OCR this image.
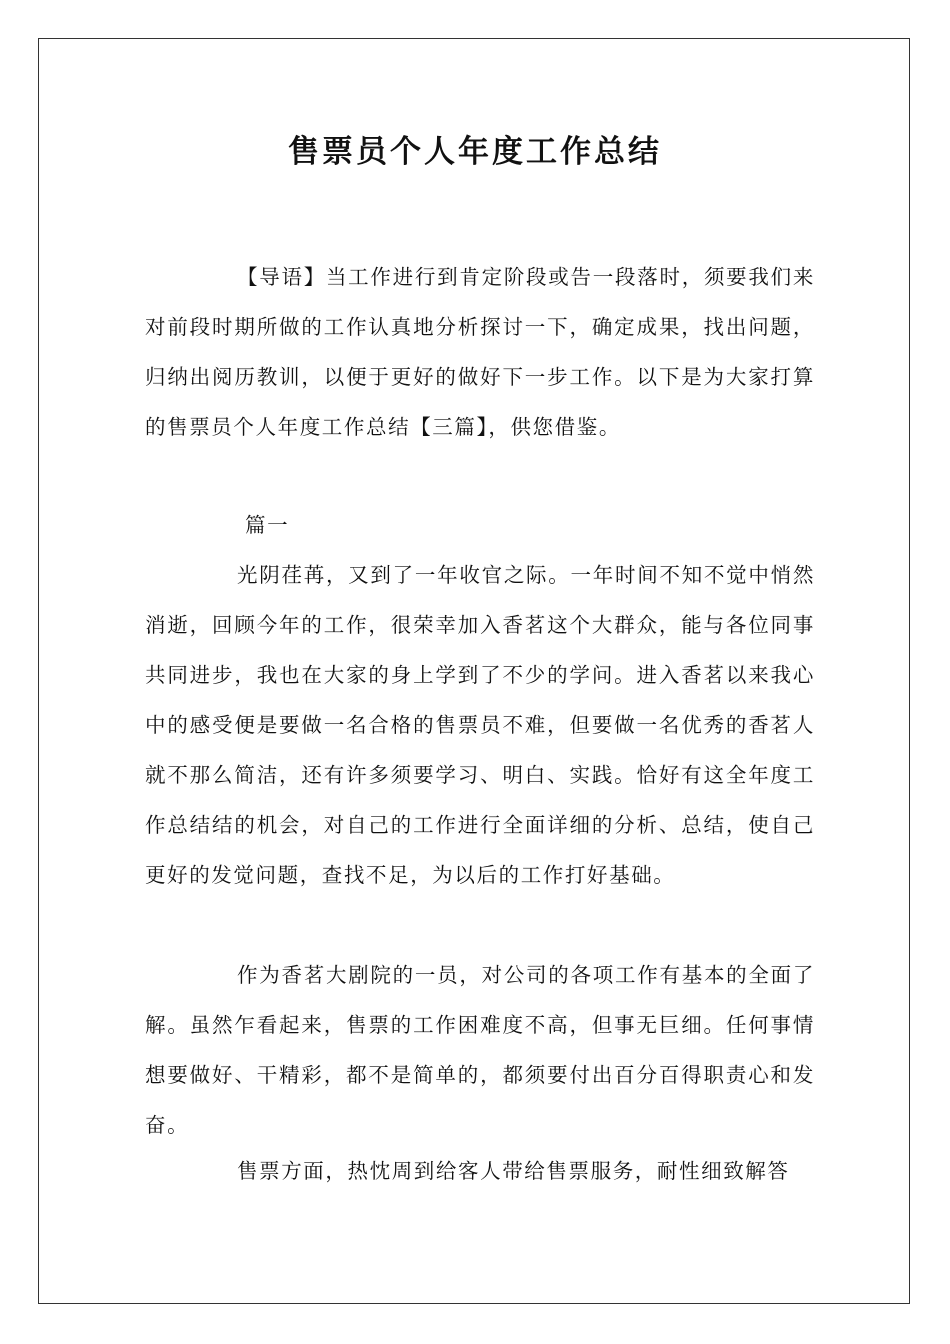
售票员个人年度工作总结

【导语】当工作进行到肯定阶段或告一段落时，须要我们来对前段时期所做的工作认真地分析探讨一下，确定成果，找出问题，归纳出阅历教训，以便于更好的做好下一步工作。以下是为大家打算的售票员个人年度工作总结【三篇】，供您借鉴。

篇一

光阴荏苒，又到了一年收官之际。一年时间不知不觉中悄然消逝，回顾今年的工作，很荣幸加入香茗这个大群众，能与各位同事共同进步，我也在大家的身上学到了不少的学问。进入香茗以来我心中的感受便是要做一名合格的售票员不难，但要做一名优秀的香茗人就不那么简洁，还有许多须要学习、明白、实践。恰好有这全年度工作总结结的机会，对自己的工作进行全面详细的分析、总结，使自己更好的发觉问题，查找不足，为以后的工作打好基础。

作为香茗大剧院的一员，对公司的各项工作有基本的全面了解。虽然乍看起来，售票的工作困难度不高，但事无巨细。任何事情想要做好、干精彩，都不是简单的，都须要付出百分百得职责心和发奋。

售票方面，热忱周到给客人带给售票服务，耐性细致解答
